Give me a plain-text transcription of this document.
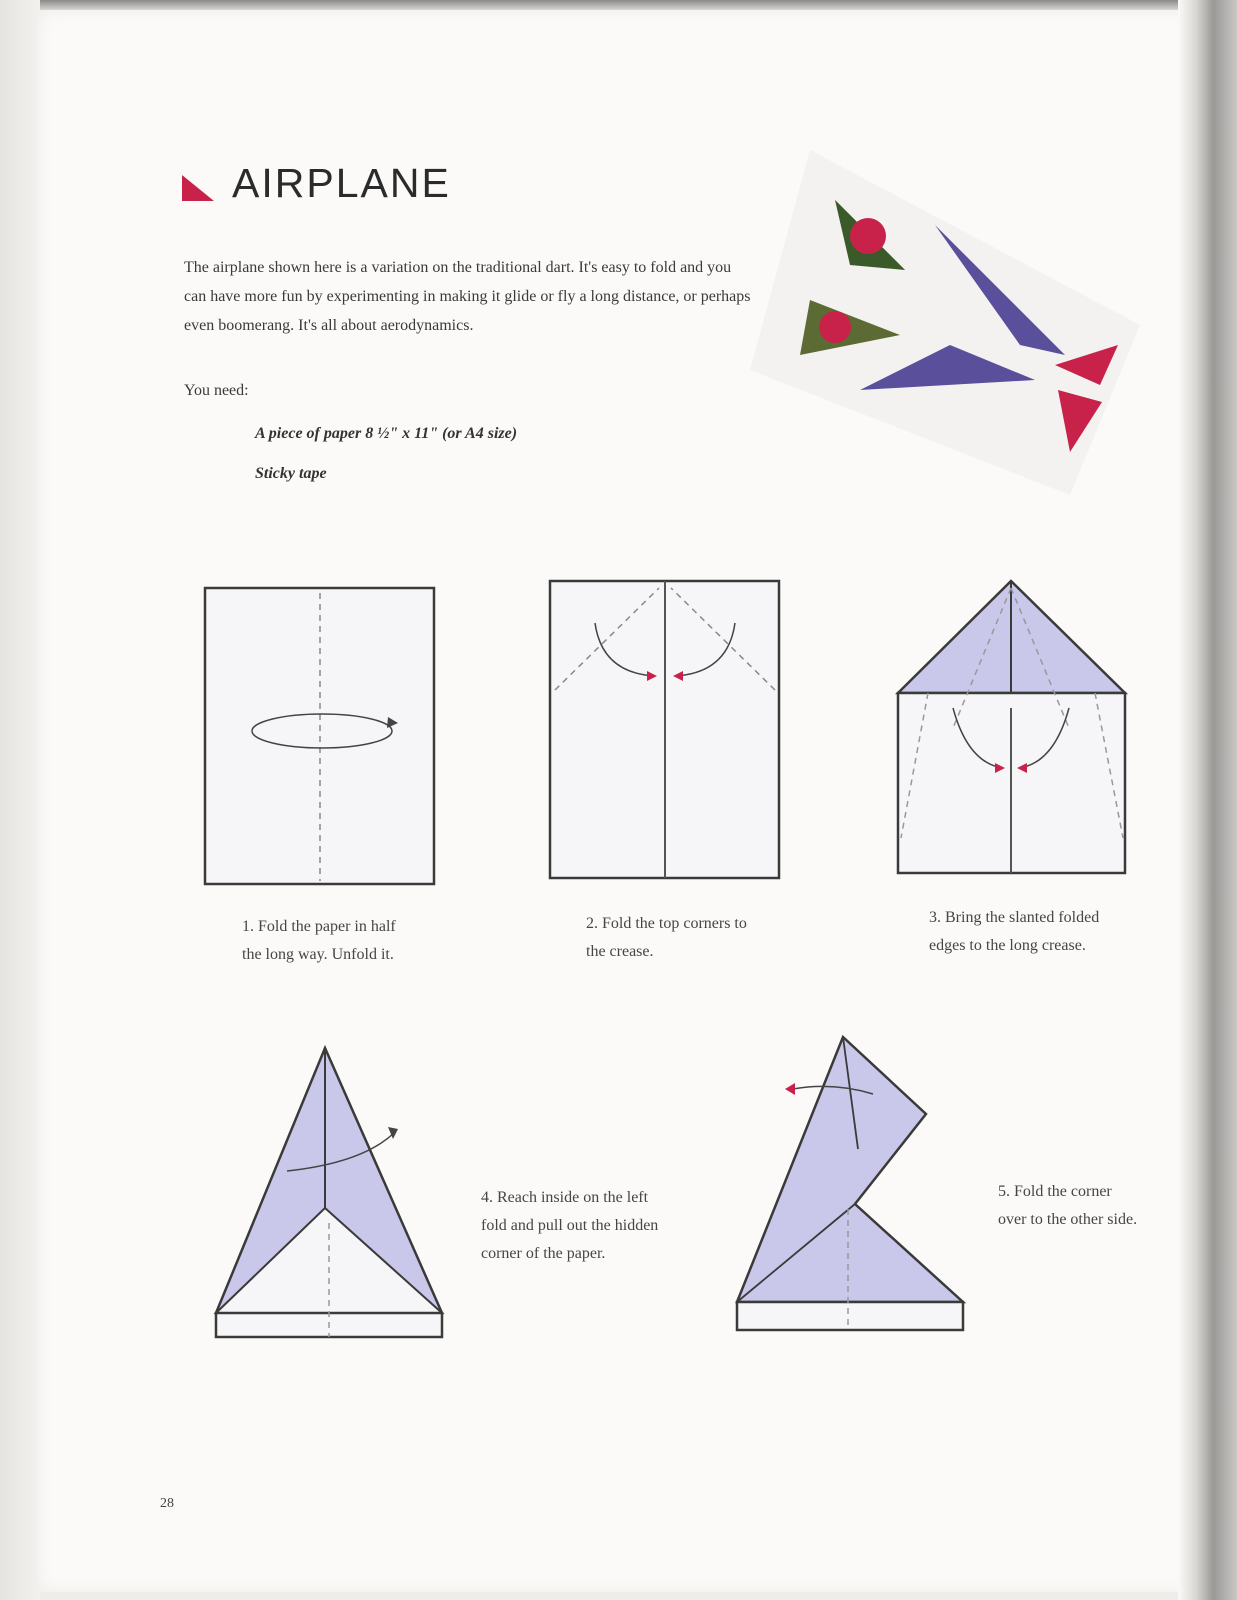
AIRPLANE

The airplane shown here is a variation on the traditional dart. It's easy to fold and you can have more fun by experimenting in making it glide or fly a long distance, or perhaps even boomerang. It's all about aerodynamics.

You need:
A piece of paper 8 ½" x 11" (or A4 size)
Sticky tape

1. Fold the paper in half the long way. Unfold it.

2. Fold the top corners to the crease.

3. Bring the slanted folded edges to the long crease.

4. Reach inside on the left fold and pull out the hidden corner of the paper.

5. Fold the corner over to the other side.

28
